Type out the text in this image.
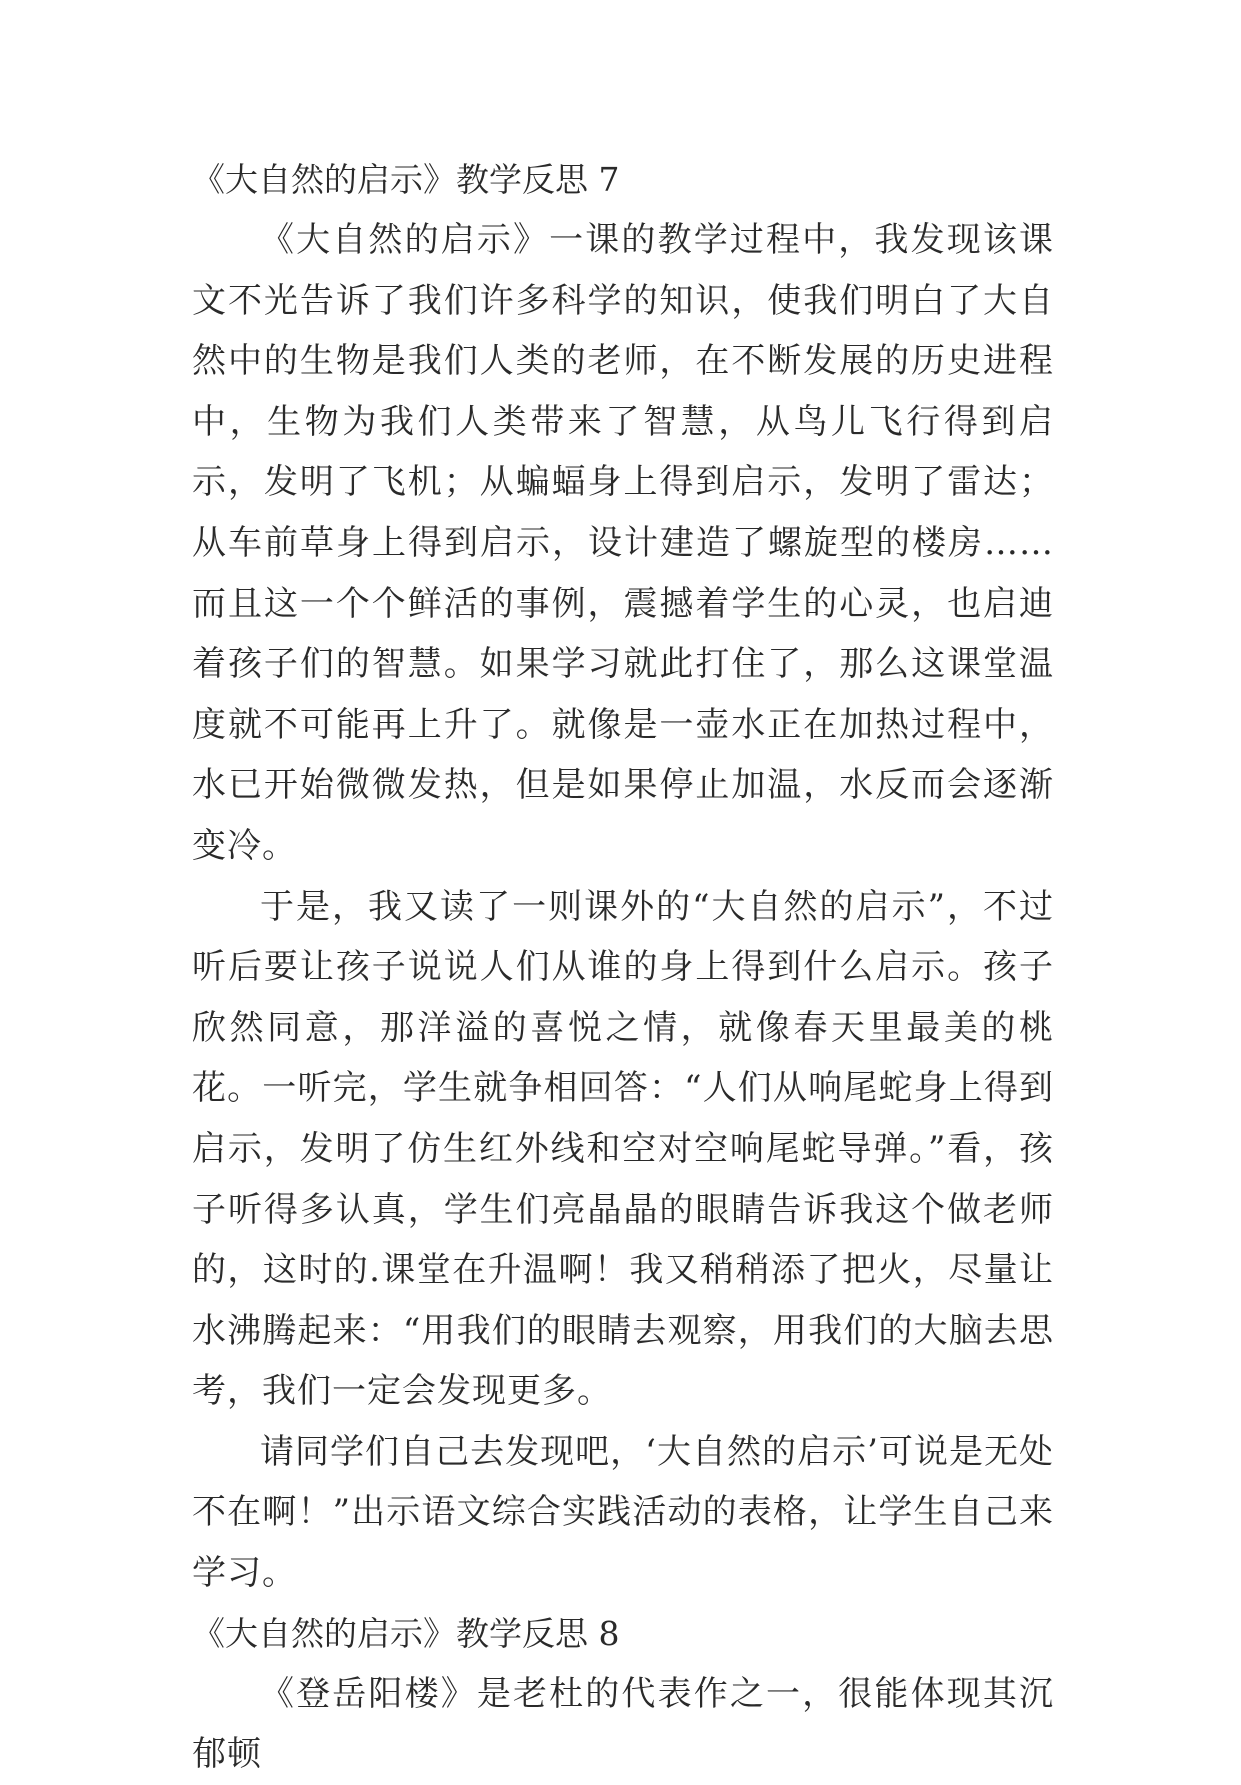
《大自然的启示》教学反思 7

《大自然的启示》一课的教学过程中，我发现该课文不光告诉了我们许多科学的知识，使我们明白了大自然中的生物是我们人类的老师，在不断发展的历史进程中，生物为我们人类带来了智慧，从鸟儿飞行得到启示，发明了飞机；从蝙蝠身上得到启示，发明了雷达；从车前草身上得到启示，设计建造了螺旋型的楼房……而且这一个个鲜活的事例，震撼着学生的心灵，也启迪着孩子们的智慧。如果学习就此打住了，那么这课堂温度就不可能再上升了。就像是一壶水正在加热过程中，水已开始微微发热，但是如果停止加温，水反而会逐渐变冷。

于是，我又读了一则课外的“大自然的启示”，不过听后要让孩子说说人们从谁的身上得到什么启示。孩子欣然同意，那洋溢的喜悦之情，就像春天里最美的桃花。一听完，学生就争相回答：“人们从响尾蛇身上得到启示，发明了仿生红外线和空对空响尾蛇导弹。”看，孩子听得多认真，学生们亮晶晶的眼睛告诉我这个做老师的，这时的.课堂在升温啊！我又稍稍添了把火，尽量让水沸腾起来：“用我们的眼睛去观察，用我们的大脑去思考，我们一定会发现更多。

请同学们自己去发现吧，‘大自然的启示’可说是无处不在啊！”出示语文综合实践活动的表格，让学生自己来学习。

《大自然的启示》教学反思 8

《登岳阳楼》是老杜的代表作之一，很能体现其沉郁顿
